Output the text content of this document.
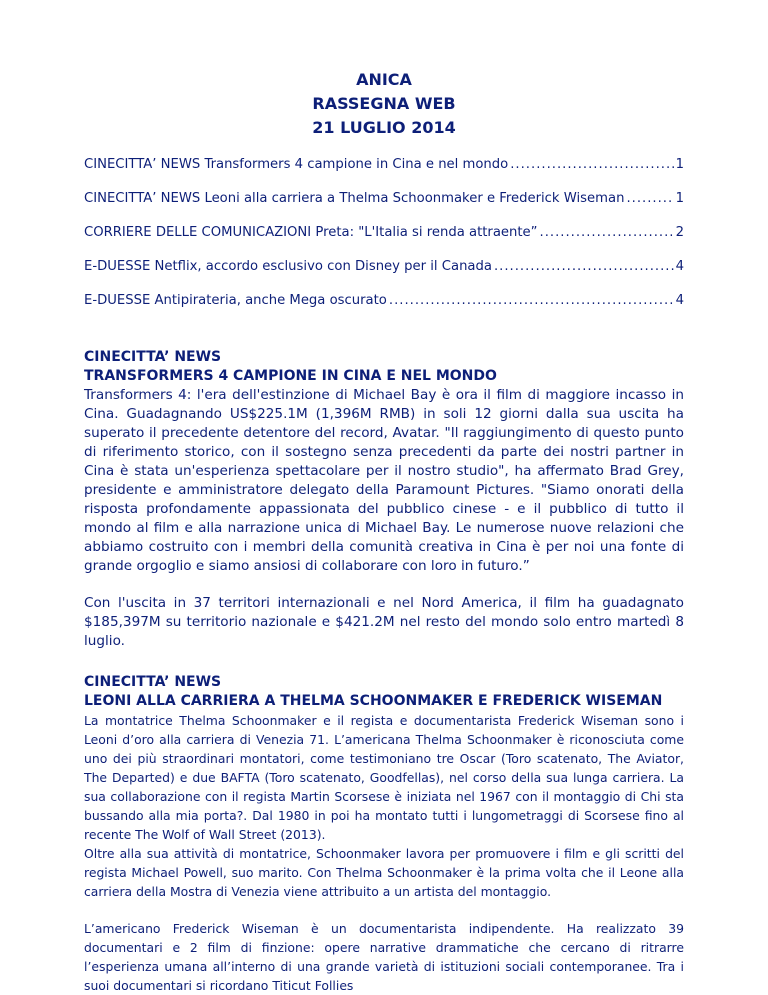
ANICA
RASSEGNA WEB
21 LUGLIO 2014
CINECITTA’ NEWS Transformers 4 campione in Cina e nel mondo .....	1
CINECITTA’ NEWS Leoni alla carriera a Thelma Schoonmaker e Frederick Wiseman .....	1
CORRIERE DELLE COMUNICAZIONI Preta: "L'Italia si renda attraente” .....	2
E-DUESSE Netflix, accordo esclusivo con Disney per il Canada .....	4
E-DUESSE Antipirateria, anche Mega oscurato .....	4
CINECITTA’ NEWS
TRANSFORMERS 4 CAMPIONE IN CINA E NEL MONDO

Transformers 4: l'era dell'estinzione di Michael Bay è ora il film di maggiore incasso in Cina. Guadagnando US$225.1M (1,396M RMB) in soli 12 giorni dalla sua uscita ha superato il precedente detentore del record, Avatar. "Il raggiungimento di questo punto di riferimento storico, con il sostegno senza precedenti da parte dei nostri partner in Cina è stata un'esperienza spettacolare per il nostro studio", ha affermato Brad Grey, presidente e amministratore delegato della Paramount Pictures. "Siamo onorati della risposta profondamente appassionata del pubblico cinese - e il pubblico di tutto il mondo al film e alla narrazione unica di Michael Bay. Le numerose nuove relazioni che abbiamo costruito con i membri della comunità creativa in Cina è per noi una fonte di grande orgoglio e siamo ansiosi di collaborare con loro in futuro.”

Con l'uscita in 37 territori internazionali e nel Nord America, il film ha guadagnato $185,397M su territorio nazionale e $421.2M nel resto del mondo solo entro martedì 8 luglio.

CINECITTA’ NEWS
LEONI ALLA CARRIERA A THELMA SCHOONMAKER E FREDERICK WISEMAN

La montatrice Thelma Schoonmaker e il regista e documentarista Frederick Wiseman sono i Leoni d’oro alla carriera di Venezia 71. L’americana Thelma Schoonmaker è riconosciuta come uno dei più straordinari montatori, come testimoniano tre Oscar (Toro scatenato, The Aviator, The Departed) e due BAFTA (Toro scatenato, Goodfellas), nel corso della sua lunga carriera. La sua collaborazione con il regista Martin Scorsese è iniziata nel 1967 con il montaggio di Chi sta bussando alla mia porta?. Dal 1980 in poi ha montato tutti i lungometraggi di Scorsese fino al recente The Wolf of Wall Street (2013).

Oltre alla sua attività di montatrice, Schoonmaker lavora per promuovere i film e gli scritti del regista Michael Powell, suo marito. Con Thelma Schoonmaker è la prima volta che il Leone alla carriera della Mostra di Venezia viene attribuito a un artista del montaggio.

L’americano Frederick Wiseman è un documentarista indipendente. Ha realizzato 39 documentari e 2 film di finzione: opere narrative drammatiche che cercano di ritrarre l’esperienza umana all’interno di una grande varietà di istituzioni sociali contemporanee. Tra i suoi documentari si ricordano Titicut Follies
